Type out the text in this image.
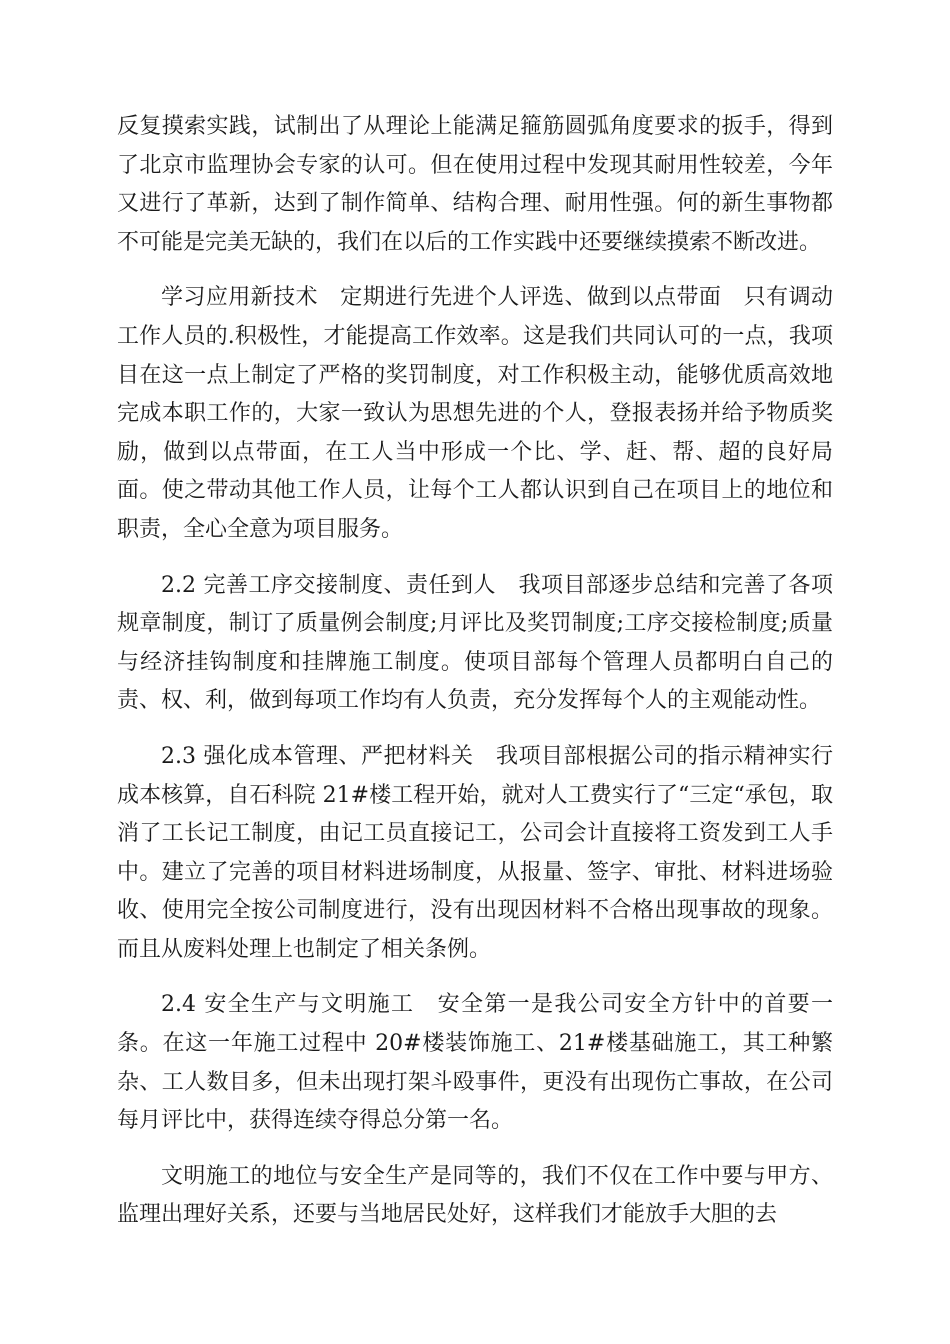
反复摸索实践，试制出了从理论上能满足箍筋圆弧角度要求的扳手，得到了北京市监理协会专家的认可。但在使用过程中发现其耐用性较差，今年又进行了革新，达到了制作简单、结构合理、耐用性强。何的新生事物都不可能是完美无缺的，我们在以后的工作实践中还要继续摸索不断改进。

学习应用新技术　定期进行先进个人评选、做到以点带面　只有调动工作人员的.积极性，才能提高工作效率。这是我们共同认可的一点，我项目在这一点上制定了严格的奖罚制度，对工作积极主动，能够优质高效地完成本职工作的，大家一致认为思想先进的个人，登报表扬并给予物质奖励，做到以点带面，在工人当中形成一个比、学、赶、帮、超的良好局面。使之带动其他工作人员，让每个工人都认识到自己在项目上的地位和职责，全心全意为项目服务。

2.2 完善工序交接制度、责任到人　我项目部逐步总结和完善了各项规章制度，制订了质量例会制度;月评比及奖罚制度;工序交接检制度;质量与经济挂钩制度和挂牌施工制度。使项目部每个管理人员都明白自己的责、权、利，做到每项工作均有人负责，充分发挥每个人的主观能动性。

2.3 强化成本管理、严把材料关　我项目部根据公司的指示精神实行成本核算，自石科院 21#楼工程开始，就对人工费实行了“三定“承包，取消了工长记工制度，由记工员直接记工，公司会计直接将工资发到工人手中。建立了完善的项目材料进场制度，从报量、签字、审批、材料进场验收、使用完全按公司制度进行，没有出现因材料不合格出现事故的现象。而且从废料处理上也制定了相关条例。

2.4 安全生产与文明施工　安全第一是我公司安全方针中的首要一条。在这一年施工过程中 20#楼装饰施工、21#楼基础施工，其工种繁杂、工人数目多，但未出现打架斗殴事件，更没有出现伤亡事故，在公司每月评比中，获得连续夺得总分第一名。

文明施工的地位与安全生产是同等的，我们不仅在工作中要与甲方、监理出理好关系，还要与当地居民处好，这样我们才能放手大胆的去
